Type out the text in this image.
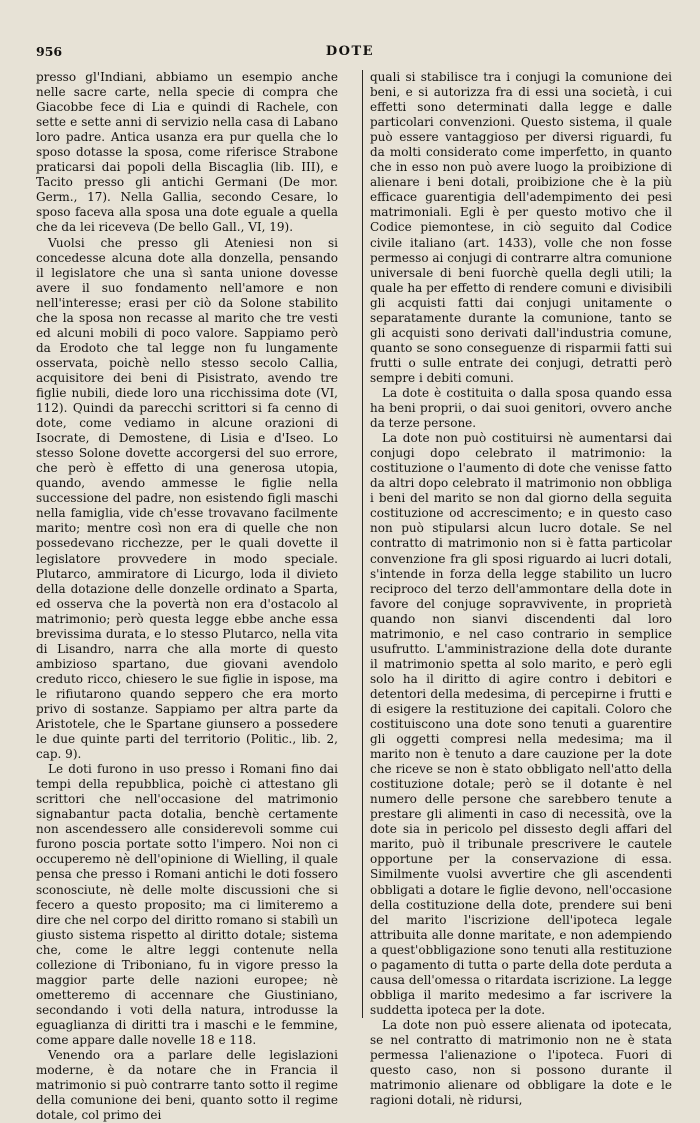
956	DOTE

presso gl'Indiani, abbiamo un esempio anche nelle sacre carte, nella specie di compra che Giacobbe fece di Lia e quindi di Rachele, con sette e sette anni di servizio nella casa di Labano loro padre. Antica usanza era pur quella che lo sposo dotasse la sposa, come riferisce Strabone praticarsi dai popoli della Biscaglia (lib. III), e Tacito presso gli antichi Germani (De mor. Germ., 17). Nella Gallia, secondo Cesare, lo sposo faceva alla sposa una dote eguale a quella che da lei riceveva (De bello Gall., VI, 19).

Vuolsi che presso gli Ateniesi non si concedesse alcuna dote alla donzella, pensando il legislatore che una sì santa unione dovesse avere il suo fondamento nell'amore e non nell'interesse; erasi per ciò da Solone stabilito che la sposa non recasse al marito che tre vesti ed alcuni mobili di poco valore. Sappiamo però da Erodoto che tal legge non fu lungamente osservata, poichè nello stesso secolo Callia, acquisitore dei beni di Pisistrato, avendo tre figlie nubili, diede loro una ricchissima dote (VI, 112). Quindi da parecchi scrittori si fa cenno di dote, come vediamo in alcune orazioni di Isocrate, di Demostene, di Lisia e d'Iseo. Lo stesso Solone dovette accorgersi del suo errore, che però è effetto di una generosa utopia, quando, avendo ammesse le figlie nella successione del padre, non esistendo figli maschi nella famiglia, vide ch'esse trovavano facilmente marito; mentre così non era di quelle che non possedevano ricchezze, per le quali dovette il legislatore provvedere in modo speciale. Plutarco, ammiratore di Licurgo, loda il divieto della dotazione delle donzelle ordinato a Sparta, ed osserva che la povertà non era d'ostacolo al matrimonio; però questa legge ebbe anche essa brevissima durata, e lo stesso Plutarco, nella vita di Lisandro, narra che alla morte di questo ambizioso spartano, due giovani avendolo creduto ricco, chiesero le sue figlie in ispose, ma le rifiutarono quando seppero che era morto privo di sostanze. Sappiamo per altra parte da Aristotele, che le Spartane giunsero a possedere le due quinte parti del territorio (Politic., lib. 2, cap. 9).

Le doti furono in uso presso i Romani fino dai tempi della repubblica, poichè ci attestano gli scrittori che nell'occasione del matrimonio signabantur pacta dotalia, benchè certamente non ascendessero alle considerevoli somme cui furono poscia portate sotto l'impero. Noi non ci occuperemo nè dell'opinione di Wielling, il quale pensa che presso i Romani antichi le doti fossero sconosciute, nè delle molte discussioni che si fecero a questo proposito; ma ci limiteremo a dire che nel corpo del diritto romano si stabilì un giusto sistema rispetto al diritto dotale; sistema che, come le altre leggi contenute nella collezione di Triboniano, fu in vigore presso la maggior parte delle nazioni europee; nè ometteremo di accennare che Giustiniano, secondando i voti della natura, introdusse la eguaglianza di diritti tra i maschi e le femmine, come appare dalle novelle 18 e 118.

Venendo ora a parlare delle legislazioni moderne, è da notare che in Francia il matrimonio si può contrarre tanto sotto il regime della comunione dei beni, quanto sotto il regime dotale, col primo dei

quali si stabilisce tra i conjugi la comunione dei beni, e si autorizza fra di essi una società, i cui effetti sono determinati dalla legge e dalle particolari convenzioni. Questo sistema, il quale può essere vantaggioso per diversi riguardi, fu da molti considerato come imperfetto, in quanto che in esso non può avere luogo la proibizione di alienare i beni dotali, proibizione che è la più efficace guarentigia dell'adempimento dei pesi matrimoniali. Egli è per questo motivo che il Codice piemontese, in ciò seguito dal Codice civile italiano (art. 1433), volle che non fosse permesso ai conjugi di contrarre altra comunione universale di beni fuorchè quella degli utili; la quale ha per effetto di rendere comuni e divisibili gli acquisti fatti dai conjugi unitamente o separatamente durante la comunione, tanto se gli acquisti sono derivati dall'industria comune, quanto se sono conseguenze di risparmii fatti sui frutti o sulle entrate dei conjugi, detratti però sempre i debiti comuni.

La dote è costituita o dalla sposa quando essa ha beni proprii, o dai suoi genitori, ovvero anche da terze persone.

La dote non può costituirsi nè aumentarsi dai conjugi dopo celebrato il matrimonio: la costituzione o l'aumento di dote che venisse fatto da altri dopo celebrato il matrimonio non obbliga i beni del marito se non dal giorno della seguita costituzione od accrescimento; e in questo caso non può stipularsi alcun lucro dotale. Se nel contratto di matrimonio non si è fatta particolar convenzione fra gli sposi riguardo ai lucri dotali, s'intende in forza della legge stabilito un lucro reciproco del terzo dell'ammontare della dote in favore del conjuge sopravvivente, in proprietà quando non sianvi discendenti dal loro matrimonio, e nel caso contrario in semplice usufrutto. L'amministrazione della dote durante il matrimonio spetta al solo marito, e però egli solo ha il diritto di agire contro i debitori e detentori della medesima, di percepirne i frutti e di esigere la restituzione dei capitali. Coloro che costituiscono una dote sono tenuti a guarentire gli oggetti compresi nella medesima; ma il marito non è tenuto a dare cauzione per la dote che riceve se non è stato obbligato nell'atto della costituzione dotale; però se il dotante è nel numero delle persone che sarebbero tenute a prestare gli alimenti in caso di necessità, ove la dote sia in pericolo pel dissesto degli affari del marito, può il tribunale prescrivere le cautele opportune per la conservazione di essa. Similmente vuolsi avvertire che gli ascendenti obbligati a dotare le figlie devono, nell'occasione della costituzione della dote, prendere sui beni del marito l'iscrizione dell'ipoteca legale attribuita alle donne maritate, e non adempiendo a quest'obbligazione sono tenuti alla restituzione o pagamento di tutta o parte della dote perduta a causa dell'omessa o ritardata iscrizione. La legge obbliga il marito medesimo a far iscrivere la suddetta ipoteca per la dote.

La dote non può essere alienata od ipotecata, se nel contratto di matrimonio non ne è stata permessa l'alienazione o l'ipoteca. Fuori di questo caso, non si possono durante il matrimonio alienare od obbligare la dote e le ragioni dotali, nè ridursi,
